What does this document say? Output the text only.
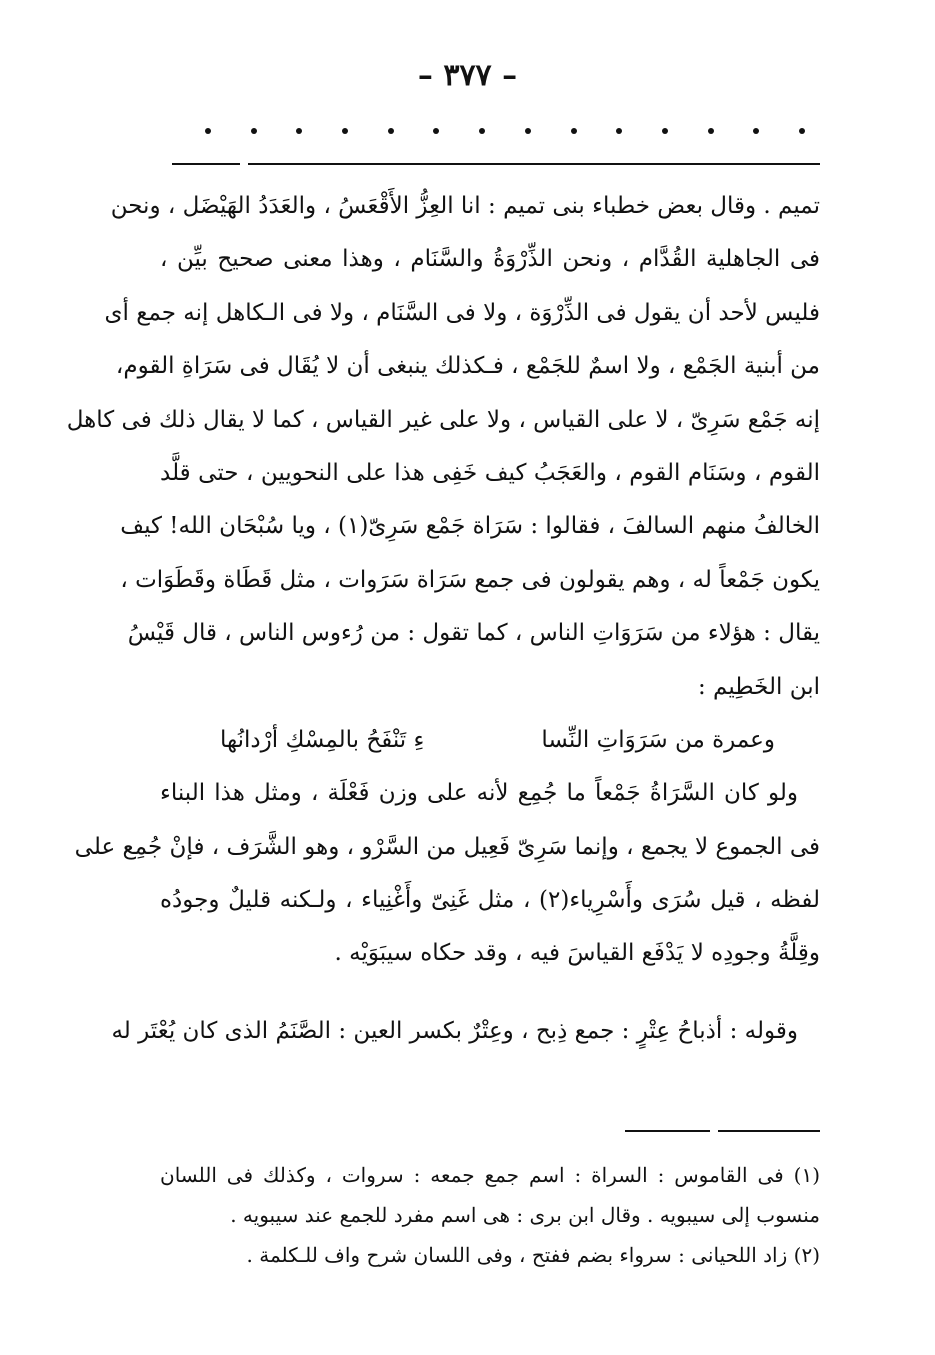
– ٣٧٧ –
تميم . وقال بعض خطباء بنى تميم : انا العِزُّ الأَقْعَسُ ، والعَدَدُ الهَيْضَل ، ونحن
فى الجاهلية القُدَّام ، ونحن الذِّرْوَةُ والسَّنَام ، وهذا معنى صحيح بيِّن ،
فليس لأحد أن يقول فى الذِّرْوَة ، ولا فى السَّنَام ، ولا فى الـكاهل إنه جمع أى
من أبنية الجَمْع ، ولا اسمٌ للجَمْع ، فـكذلك ينبغى أن لا يُقَال فى سَرَاةِ القوم،
إنه جَمْع سَرِىّ ، لا على القياس ، ولا على غير القياس ، كما لا يقال ذلك فى كاهل
القوم ، وسَنَام القوم ، والعَجَبُ كيف خَفِى هذا على النحويين ، حتى قلَّد
الخالفُ منهم السالفَ ، فقالوا : سَرَاة جَمْع سَرِىّ(١) ، ويا سُبْحَان الله! كيف
يكون جَمْعاً له ، وهم يقولون فى جمع سَرَاة سَرَوات ، مثل قَطَاة وقَطَوَات ،
يقال : هؤلاء من سَرَوَاتِ الناس ، كما تقول : من رُءوس الناس ، قال قَيْسُ
ابن الخَطِيم :
وعمرة من سَرَوَاتِ النِّسا
ءِ تَنْفَحُ بالمِسْكِ أرْدانُها
ولو كان السَّرَاةُ جَمْعاً ما جُمِع لأنه على وزن فَعْلَة ، ومثل هذا البناء
فى الجموع لا يجمع ، وإنما سَرِىّ فَعِيل من السَّرْو ، وهو الشَّرَف ، فإنْ جُمِع على
لفظه ، قيل سُرَى وأَسْرِياء(٢) ، مثل غَنِىّ وأَغْنِياء ، ولـكنه قليلٌ وجودُه
وقِلَّةُ وجودِه لا يَدْفَع القياسَ فيه ، وقد حكاه سيبَوَيْه .
وقوله : أذباحُ عِتْرٍ : جمع ذِبح ، وعِتْرٌ بكسر العين : الصَّنَمُ الذى كان يُعْتَر له
(١) فى القاموس : السراة : اسم جمع جمعه : سروات ، وكذلك فى اللسان
منسوب إلى سيبويه . وقال ابن برى : هى اسم مفرد للجمع عند سيبويه .
(٢) زاد اللحيانى : سرواء بضم ففتح ، وفى اللسان شرح واف للـكلمة .
